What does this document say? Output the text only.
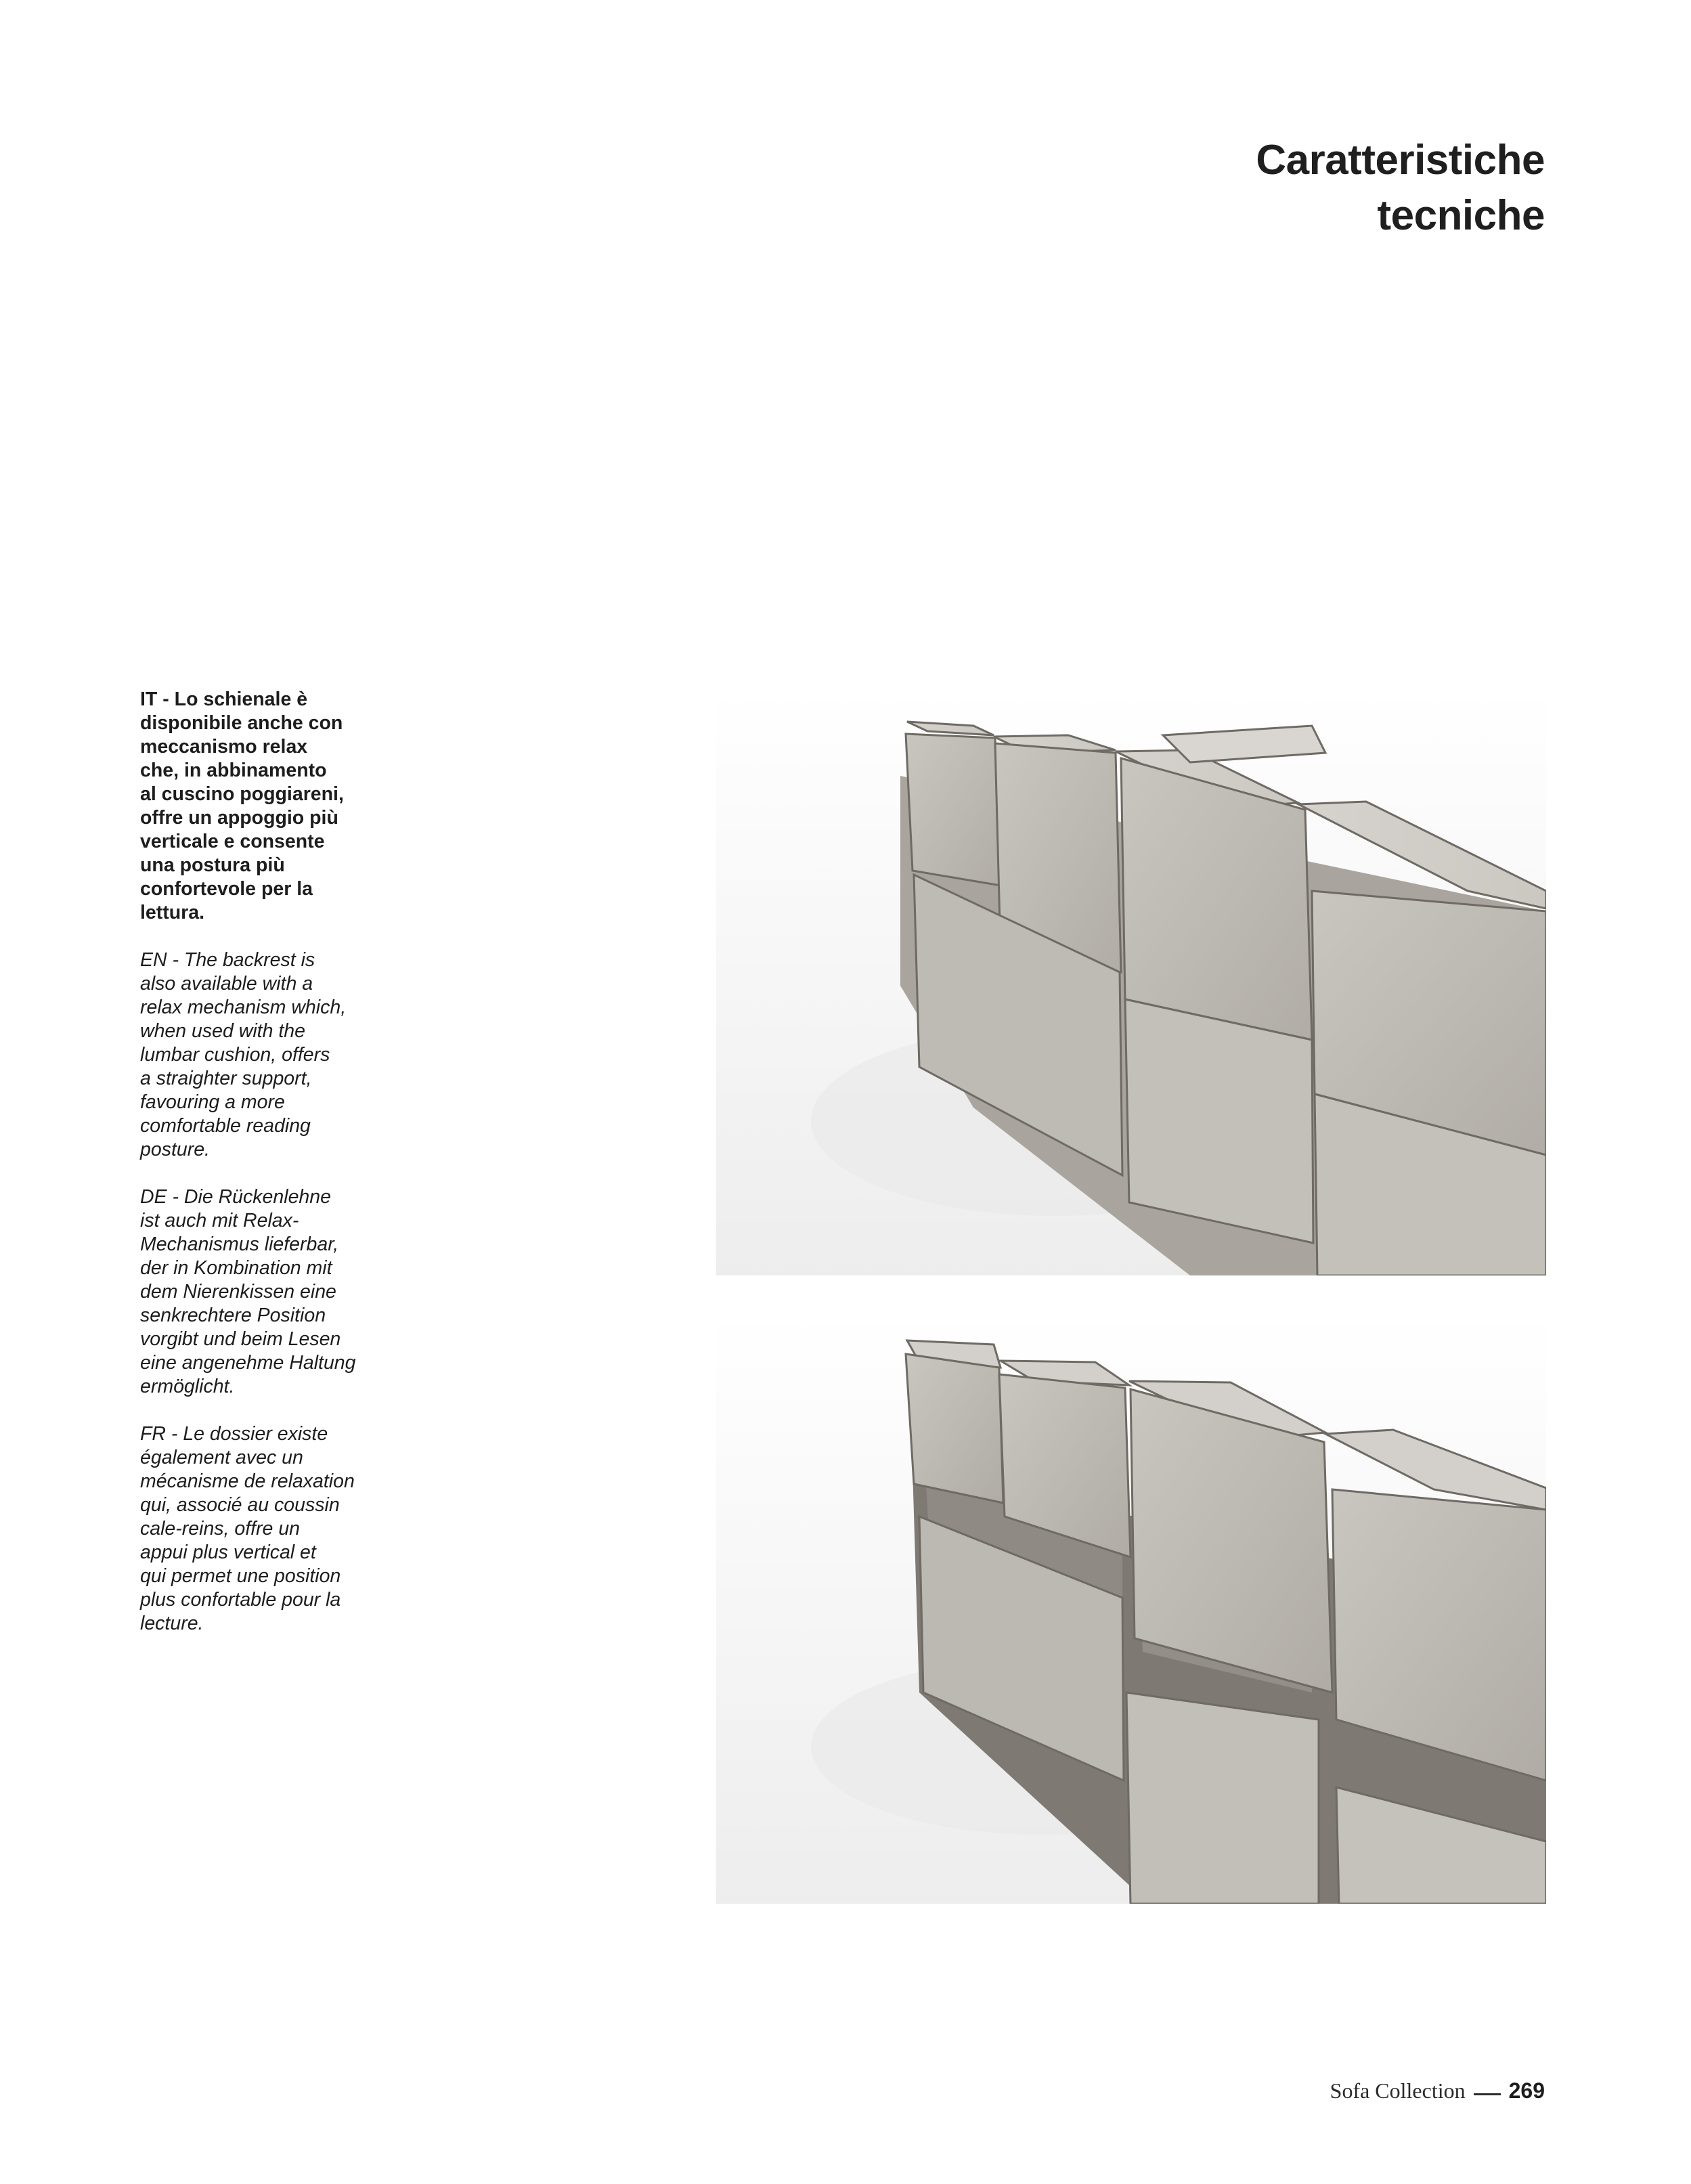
Caratteristiche
tecniche

IT - Lo schienale è
disponibile anche con
meccanismo relax
che, in abbinamento
al cuscino poggiareni,
offre un appoggio più
verticale e consente
una postura più
confortevole per la
lettura.

EN - The backrest is
also available with a
relax mechanism which,
when used with the
lumbar cushion, offers
a straighter support,
favouring a more
comfortable reading
posture.

DE - Die Rückenlehne
ist auch mit Relax-
Mechanismus lieferbar,
der in Kombination mit
dem Nierenkissen eine
senkrechtere Position
vorgibt und beim Lesen
eine angenehme Haltung
ermöglicht.

FR - Le dossier existe
également avec un
mécanisme de relaxation
qui, associé au coussin
cale-reins, offre un
appui plus vertical et
qui permet une position
plus confortable pour la
lecture.

Sofa Collection 269
